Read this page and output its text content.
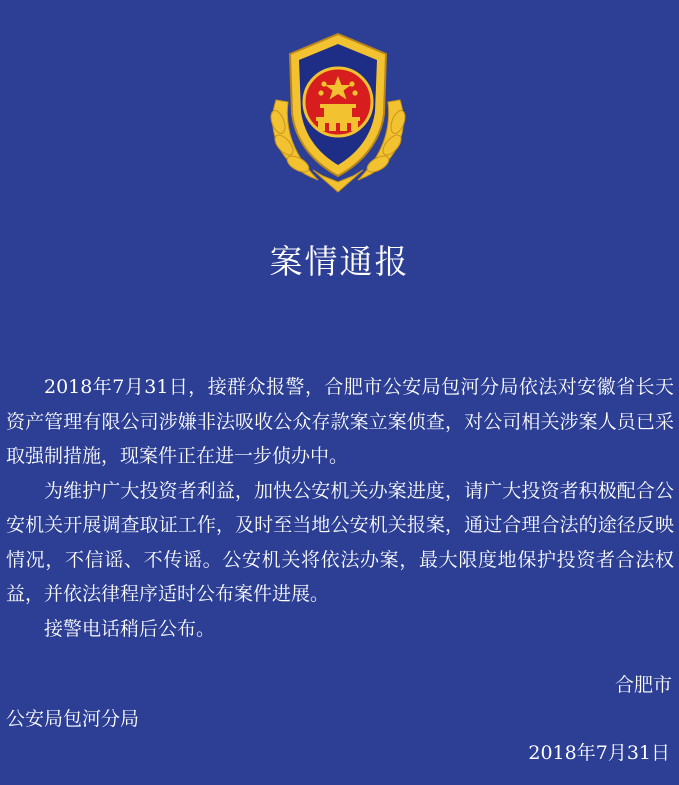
案情通报

2018年7月31日，接群众报警，合肥市公安局包河分局依法对安徽省长天资产管理有限公司涉嫌非法吸收公众存款案立案侦查，对公司相关涉案人员已采取强制措施，现案件正在进一步侦办中。

为维护广大投资者利益，加快公安机关办案进度，请广大投资者积极配合公安机关开展调查取证工作，及时至当地公安机关报案，通过合理合法的途径反映情况，不信谣、不传谣。公安机关将依法办案，最大限度地保护投资者合法权益，并依法律程序适时公布案件进展。

接警电话稍后公布。

合肥市
公安局包河分局
2018年7月31日
